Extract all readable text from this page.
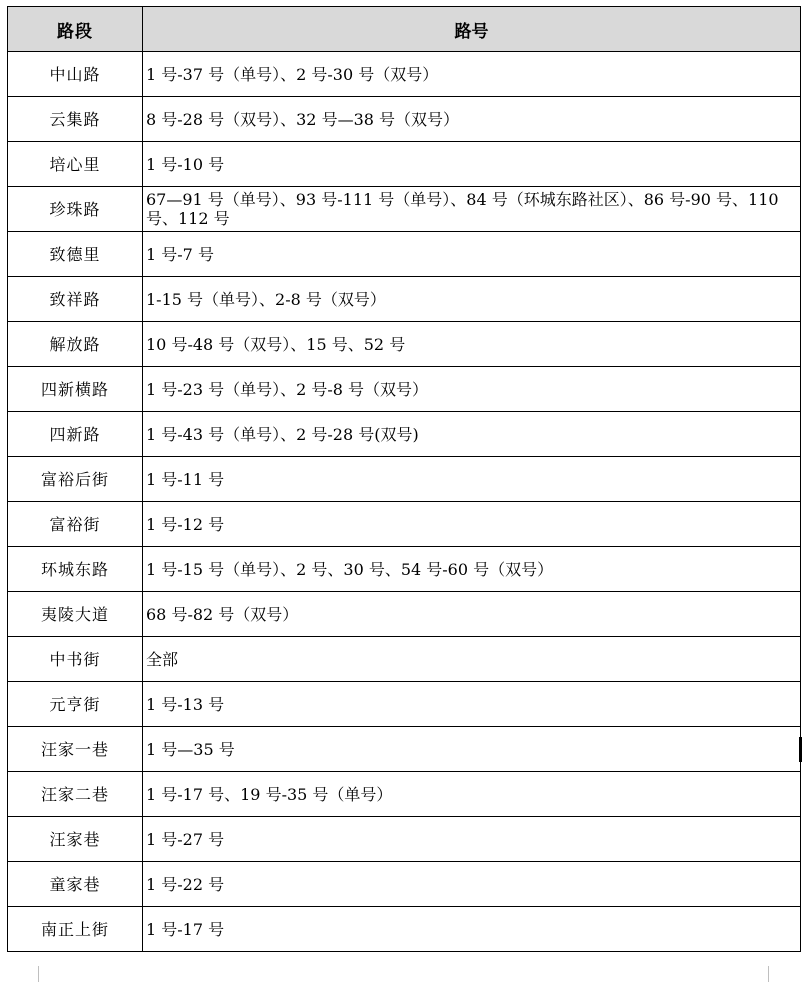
路段	路号
中山路	1 号-37 号（单号）、2 号-30 号（双号）

云集路	8 号-28 号（双号）、32 号—38 号（双号）

培心里	1 号-10 号

珍珠路	67—91 号（单号）、93 号-111 号（单号）、84 号（环城东路社区）、86 号-90 号、110 号、112 号

致德里	1 号-7 号

致祥路	1-15 号（单号）、2-8 号（双号）

解放路	10 号-48 号（双号）、15 号、52 号

四新横路	1 号-23 号（单号）、2 号-8 号（双号）

四新路	1 号-43 号（单号）、2 号-28 号(双号)

富裕后街	1 号-11 号

富裕街	1 号-12 号

环城东路	1 号-15 号（单号）、2 号、30 号、54 号-60 号（双号）

夷陵大道	68 号-82 号（双号）

中书街	全部

元亨街	1 号-13 号

汪家一巷	1 号—35 号

汪家二巷	1 号-17 号、19 号-35 号（单号）

汪家巷	1 号-27 号

童家巷	1 号-22 号

南正上街	1 号-17 号
